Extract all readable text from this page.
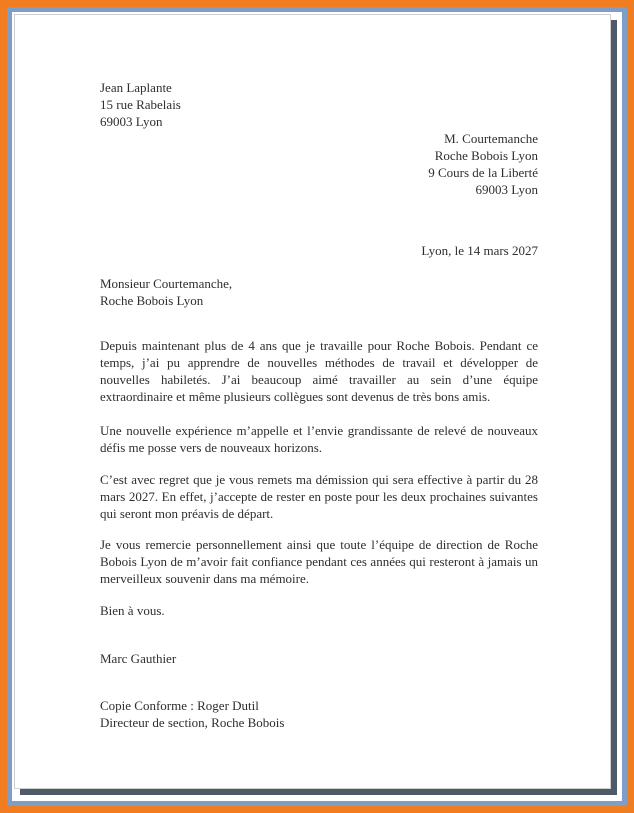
Jean Laplante
15 rue Rabelais
69003 Lyon
M. Courtemanche
Roche Bobois Lyon
9 Cours de la Liberté
69003 Lyon
Lyon, le 14 mars 2027
Monsieur Courtemanche,
Roche Bobois Lyon

Depuis maintenant plus de 4 ans que je travaille pour Roche Bobois. Pendant ce temps, j’ai pu apprendre de nouvelles méthodes de travail et développer de nouvelles habiletés. J’ai beaucoup aimé travailler au sein d’une équipe extraordinaire et même plusieurs collègues sont devenus de très bons amis.

Une nouvelle expérience m’appelle et l’envie grandissante de relevé de nouveaux défis me posse vers de nouveaux horizons.

C’est avec regret que je vous remets ma démission qui sera effective à partir du 28 mars 2027. En effet, j’accepte de rester en poste pour les deux prochaines suivantes qui seront mon préavis de départ.

Je vous remercie personnellement ainsi que toute l’équipe de direction de Roche Bobois Lyon de m’avoir fait confiance pendant ces années qui resteront à jamais un merveilleux souvenir dans ma mémoire.

Bien à vous.
Marc Gauthier
Copie Conforme : Roger Dutil
Directeur de section, Roche Bobois
